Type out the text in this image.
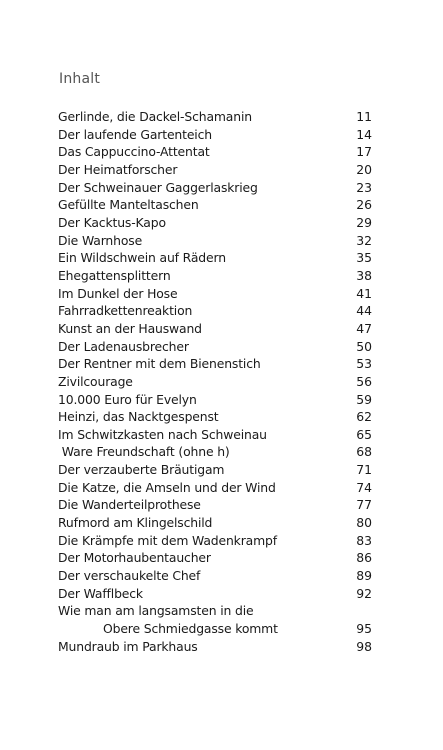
Inhalt
Gerlinde, die Dackel-Schamanin	11
Der laufende Gartenteich	14
Das Cappuccino-Attentat	17
Der Heimatforscher	20
Der Schweinauer Gaggerlaskrieg	23
Gefüllte Manteltaschen	26
Der Kacktus-Kapo	29
Die Warnhose	32
Ein Wildschwein auf Rädern	35
Ehegattensplittern	38
Im Dunkel der Hose	41
Fahrradkettenreaktion	44
Kunst an der Hauswand	47
Der Ladenausbrecher	50
Der Rentner mit dem Bienenstich	53
Zivilcourage	56
10.000 Euro für Evelyn	59
Heinzi, das Nacktgespenst	62
Im Schwitzkasten nach Schweinau	65
Ware Freundschaft (ohne h)	68
Der verzauberte Bräutigam	71
Die Katze, die Amseln und der Wind	74
Die Wanderteilprothese	77
Rufmord am Klingelschild	80
Die Krämpfe mit dem Wadenkrampf	83
Der Motorhaubentaucher	86
Der verschaukelte Chef	89
Der Wafflbeck	92
Wie man am langsamsten in die
Obere Schmiedgasse kommt	95
Mundraub im Parkhaus	98
